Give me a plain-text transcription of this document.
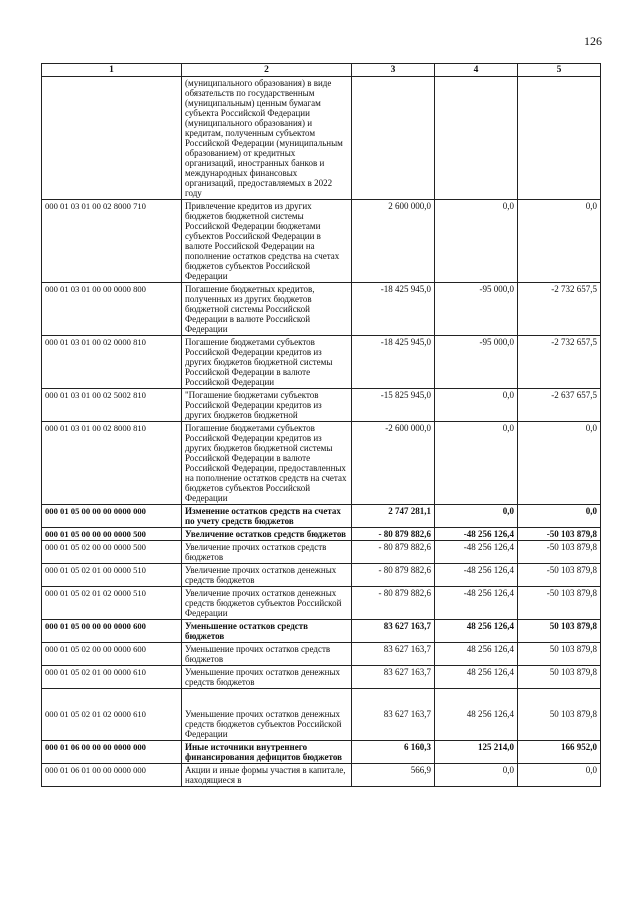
126
1	2	3	4	5
	(муниципального образования) в виде обязательств по государственным (муниципальным) ценным бумагам субъекта Российской Федерации (муниципального образования) и кредитам, полученным субъектом Российской Федерации (муниципальным образованием) от кредитных организаций, иностранных банков и международных финансовых организаций, предоставляемых в 2022 году			
000 01 03 01 00 02 8000 710	Привлечение кредитов из других бюджетов бюджетной системы Российской Федерации бюджетами субъектов Российской Федерации в валюте Российской Федерации на пополнение остатков средства на счетах бюджетов субъектов Российской Федерации	2 600 000,0	0,0	0,0
000 01 03 01 00 00 0000 800	Погашение бюджетных кредитов, полученных из других бюджетов бюджетной системы Российской Федерации в валюте Российской Федерации	-18 425 945,0	-95 000,0	-2 732 657,5
000 01 03 01 00 02 0000 810	Погашение бюджетами субъектов Российской Федерации кредитов из других бюджетов бюджетной системы Российской Федерации в валюте Российской Федерации	-18 425 945,0	-95 000,0	-2 732 657,5
000 01 03 01 00 02 5002 810	"Погашение бюджетами субъектов Российской Федерации кредитов из других бюджетов бюджетной	-15 825 945,0	0,0	-2 637 657,5
000 01 03 01 00 02 8000 810	Погашение бюджетами субъектов Российской Федерации кредитов из других бюджетов бюджетной системы Российской Федерации в валюте Российской Федерации, предоставленных на пополнение остатков средств на счетах бюджетов субъектов Российской Федерации	-2 600 000,0	0,0	0,0
000 01 05 00 00 00 0000 000	Изменение остатков средств на счетах по учету средств бюджетов	2 747 281,1	0,0	0,0
000 01 05 00 00 00 0000 500	Увеличение остатков средств бюджетов	- 80 879 882,6	-48 256 126,4	-50 103 879,8
000 01 05 02 00 00 0000 500	Увеличение прочих остатков средств бюджетов	- 80 879 882,6	-48 256 126,4	-50 103 879,8
000 01 05 02 01 00 0000 510	Увеличение прочих остатков денежных средств бюджетов	- 80 879 882,6	-48 256 126,4	-50 103 879,8
000 01 05 02 01 02 0000 510	Увеличение прочих остатков денежных средств бюджетов субъектов Российской Федерации	- 80 879 882,6	-48 256 126,4	-50 103 879,8
000 01 05 00 00 00 0000 600	Уменьшение остатков средств бюджетов	83 627 163,7	48 256 126,4	50 103 879,8
000 01 05 02 00 00 0000 600	Уменьшение прочих остатков средств бюджетов	83 627 163,7	48 256 126,4	50 103 879,8
000 01 05 02 01 00 0000 610	Уменьшение прочих остатков денежных средств бюджетов	83 627 163,7	48 256 126,4	50 103 879,8
000 01 05 02 01 02 0000 610	Уменьшение прочих остатков денежных средств бюджетов субъектов Российской Федерации	83 627 163,7	48 256 126,4	50 103 879,8
000 01 06 00 00 00 0000 000	Иные источники внутреннего финансирования дефицитов бюджетов	6 160,3	125 214,0	166 952,0
000 01 06 01 00 00 0000 000	Акции и иные формы участия в капитале, находящиеся в	566,9	0,0	0,0
